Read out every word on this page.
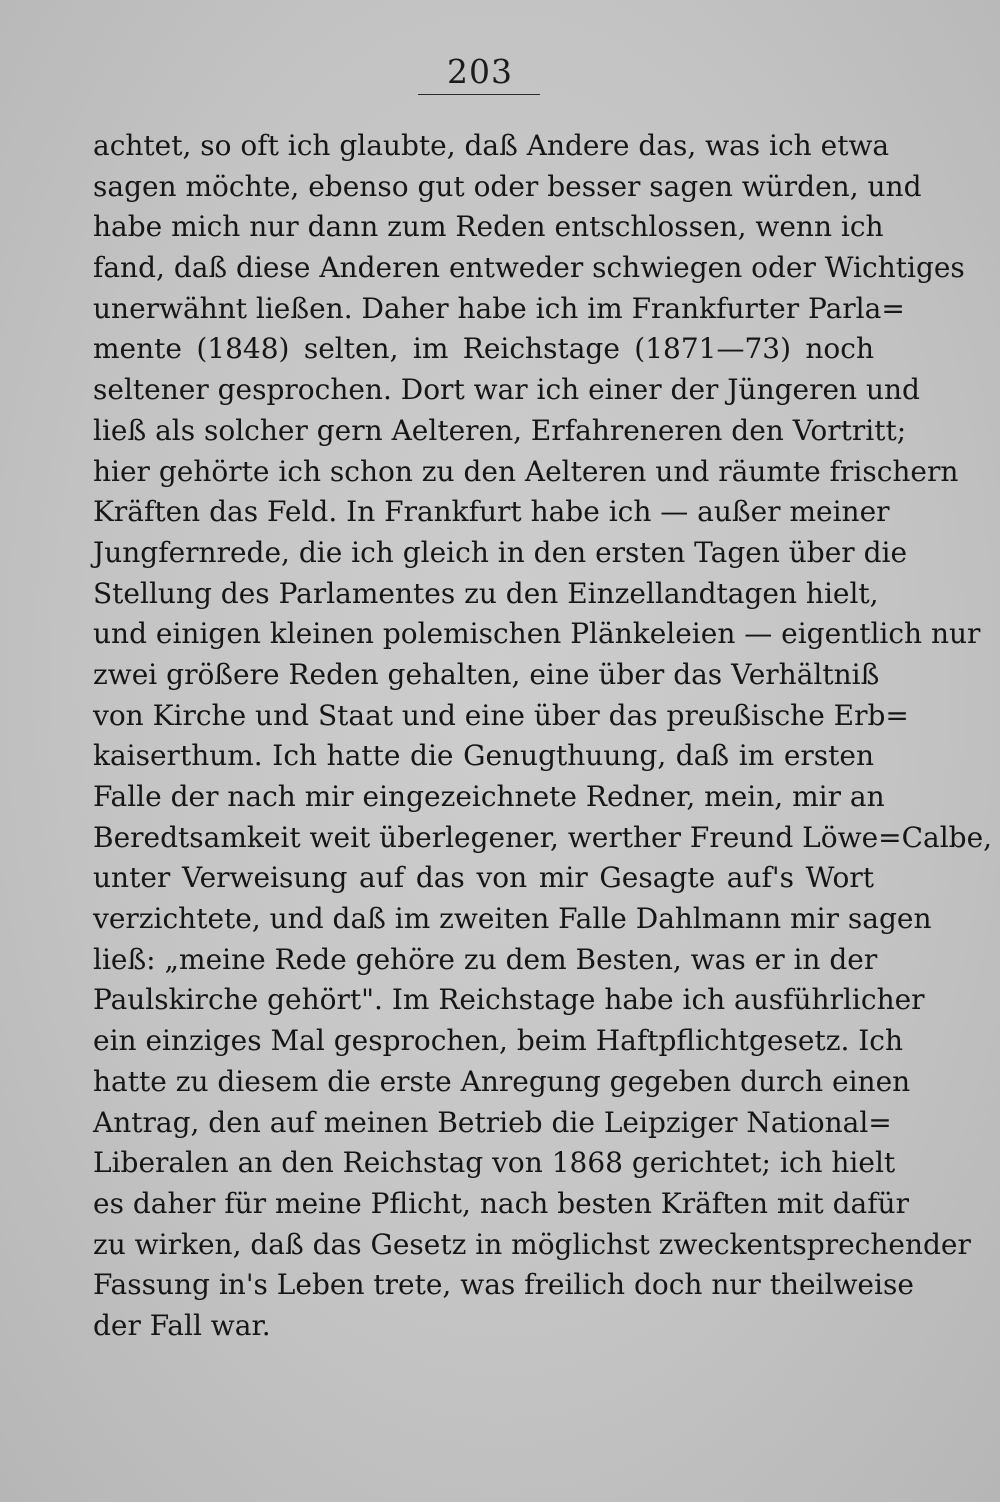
203
achtet, so oft ich glaubte, daß Andere das, was ich etwa
sagen möchte, ebenso gut oder besser sagen würden, und
habe mich nur dann zum Reden entschlossen, wenn ich
fand, daß diese Anderen entweder schwiegen oder Wichtiges
unerwähnt ließen. Daher habe ich im Frankfurter Parla=
mente (1848) selten, im Reichstage (1871—73) noch
seltener gesprochen. Dort war ich einer der Jüngeren und
ließ als solcher gern Aelteren, Erfahreneren den Vortritt;
hier gehörte ich schon zu den Aelteren und räumte frischern
Kräften das Feld. In Frankfurt habe ich — außer meiner
Jungfernrede, die ich gleich in den ersten Tagen über die
Stellung des Parlamentes zu den Einzellandtagen hielt,
und einigen kleinen polemischen Plänkeleien — eigentlich nur
zwei größere Reden gehalten, eine über das Verhältniß
von Kirche und Staat und eine über das preußische Erb=
kaiserthum. Ich hatte die Genugthuung, daß im ersten
Falle der nach mir eingezeichnete Redner, mein, mir an
Beredtsamkeit weit überlegener, werther Freund Löwe=Calbe,
unter Verweisung auf das von mir Gesagte auf's Wort
verzichtete, und daß im zweiten Falle Dahlmann mir sagen
ließ: „meine Rede gehöre zu dem Besten, was er in der
Paulskirche gehört". Im Reichstage habe ich ausführlicher
ein einziges Mal gesprochen, beim Haftpflichtgesetz. Ich
hatte zu diesem die erste Anregung gegeben durch einen
Antrag, den auf meinen Betrieb die Leipziger National=
Liberalen an den Reichstag von 1868 gerichtet; ich hielt
es daher für meine Pflicht, nach besten Kräften mit dafür
zu wirken, daß das Gesetz in möglichst zweckentsprechender
Fassung in's Leben trete, was freilich doch nur theilweise
der Fall war.
